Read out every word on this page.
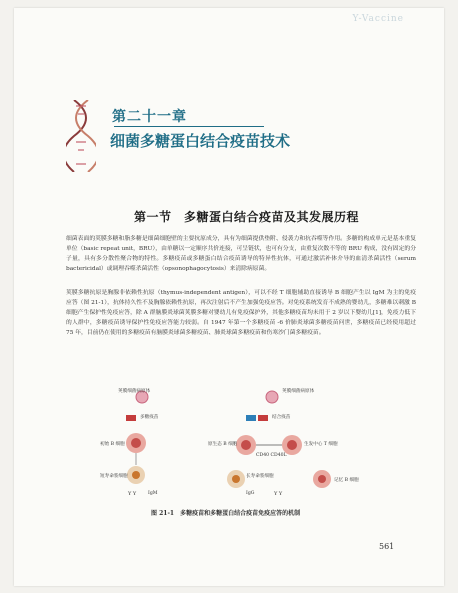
Y-Vaccine
第二十一章
细菌多糖蛋白结合疫苗技术
第一节　多糖蛋白结合疫苗及其发展历程
细菌表面的荚膜多糖和脂多糖是细菌细胞壁的主要抗原成分，具有为细菌提供垫附、侵袭力和抗吞噬等作用。多糖的构成单元是基本重复单位（basic repeat unit，BRU），由单糖以一定顺序共价连接，可呈链状，也可有分支，由重复次数不等的 BRU 构成，没有固定的分子量，具有多分散性聚合物的特性。多糖疫苗或多糖蛋白结合疫苗诱导的特异性抗体，可通过激活补体介导的血清杀菌活性（serum bactericidal）或调理吞噬杀菌活性（opsonophagocytosis）来清除病原菌。
荚膜多糖抗原是胸腺非依赖性抗原（thymus-independent antigen），可以不经 T 细胞辅助直接诱导 B 细胞产生以 IgM 为主的免疫应答（图 21-1），抗体持久性不及胸腺依赖性抗原，再次注射后不产生加强免疫应答。对免疫系统发育不成熟的婴幼儿，多糖难以刺激 B 细胞产生保护性免疫应答，除 A 群脑膜炎球菌荚膜多糖对婴幼儿有免疫保护外，其他多糖疫苗均未用于 2 岁以下婴幼儿[1]，免疫力低下的人群中，多糖疫苗诱导保护性免疫应答能力较弱。自 1947 年第一个多糖疫苗 -6 价肺炎球菌多糖疫苗问世，多糖疫苗已经使用超过 75 年，目前仍在使用的多糖疫苗有脑膜炎球菌多糖疫苗、肺炎球菌多糖疫苗和伤寒沙门菌多糖疫苗。
Y Y	Y Y
荚膜细菌病原体
多糖疫苗
初始 B 细胞
短寿命浆细胞
IgM
荚膜细菌病原体
结合疫苗
原生态 B 细胞	生发中心 T 细胞
CD40 CD40L
长寿命浆细胞
IgG
记忆 B 细胞
图 21-1　多糖疫苗和多糖蛋白结合疫苗免疫应答的机制
561
